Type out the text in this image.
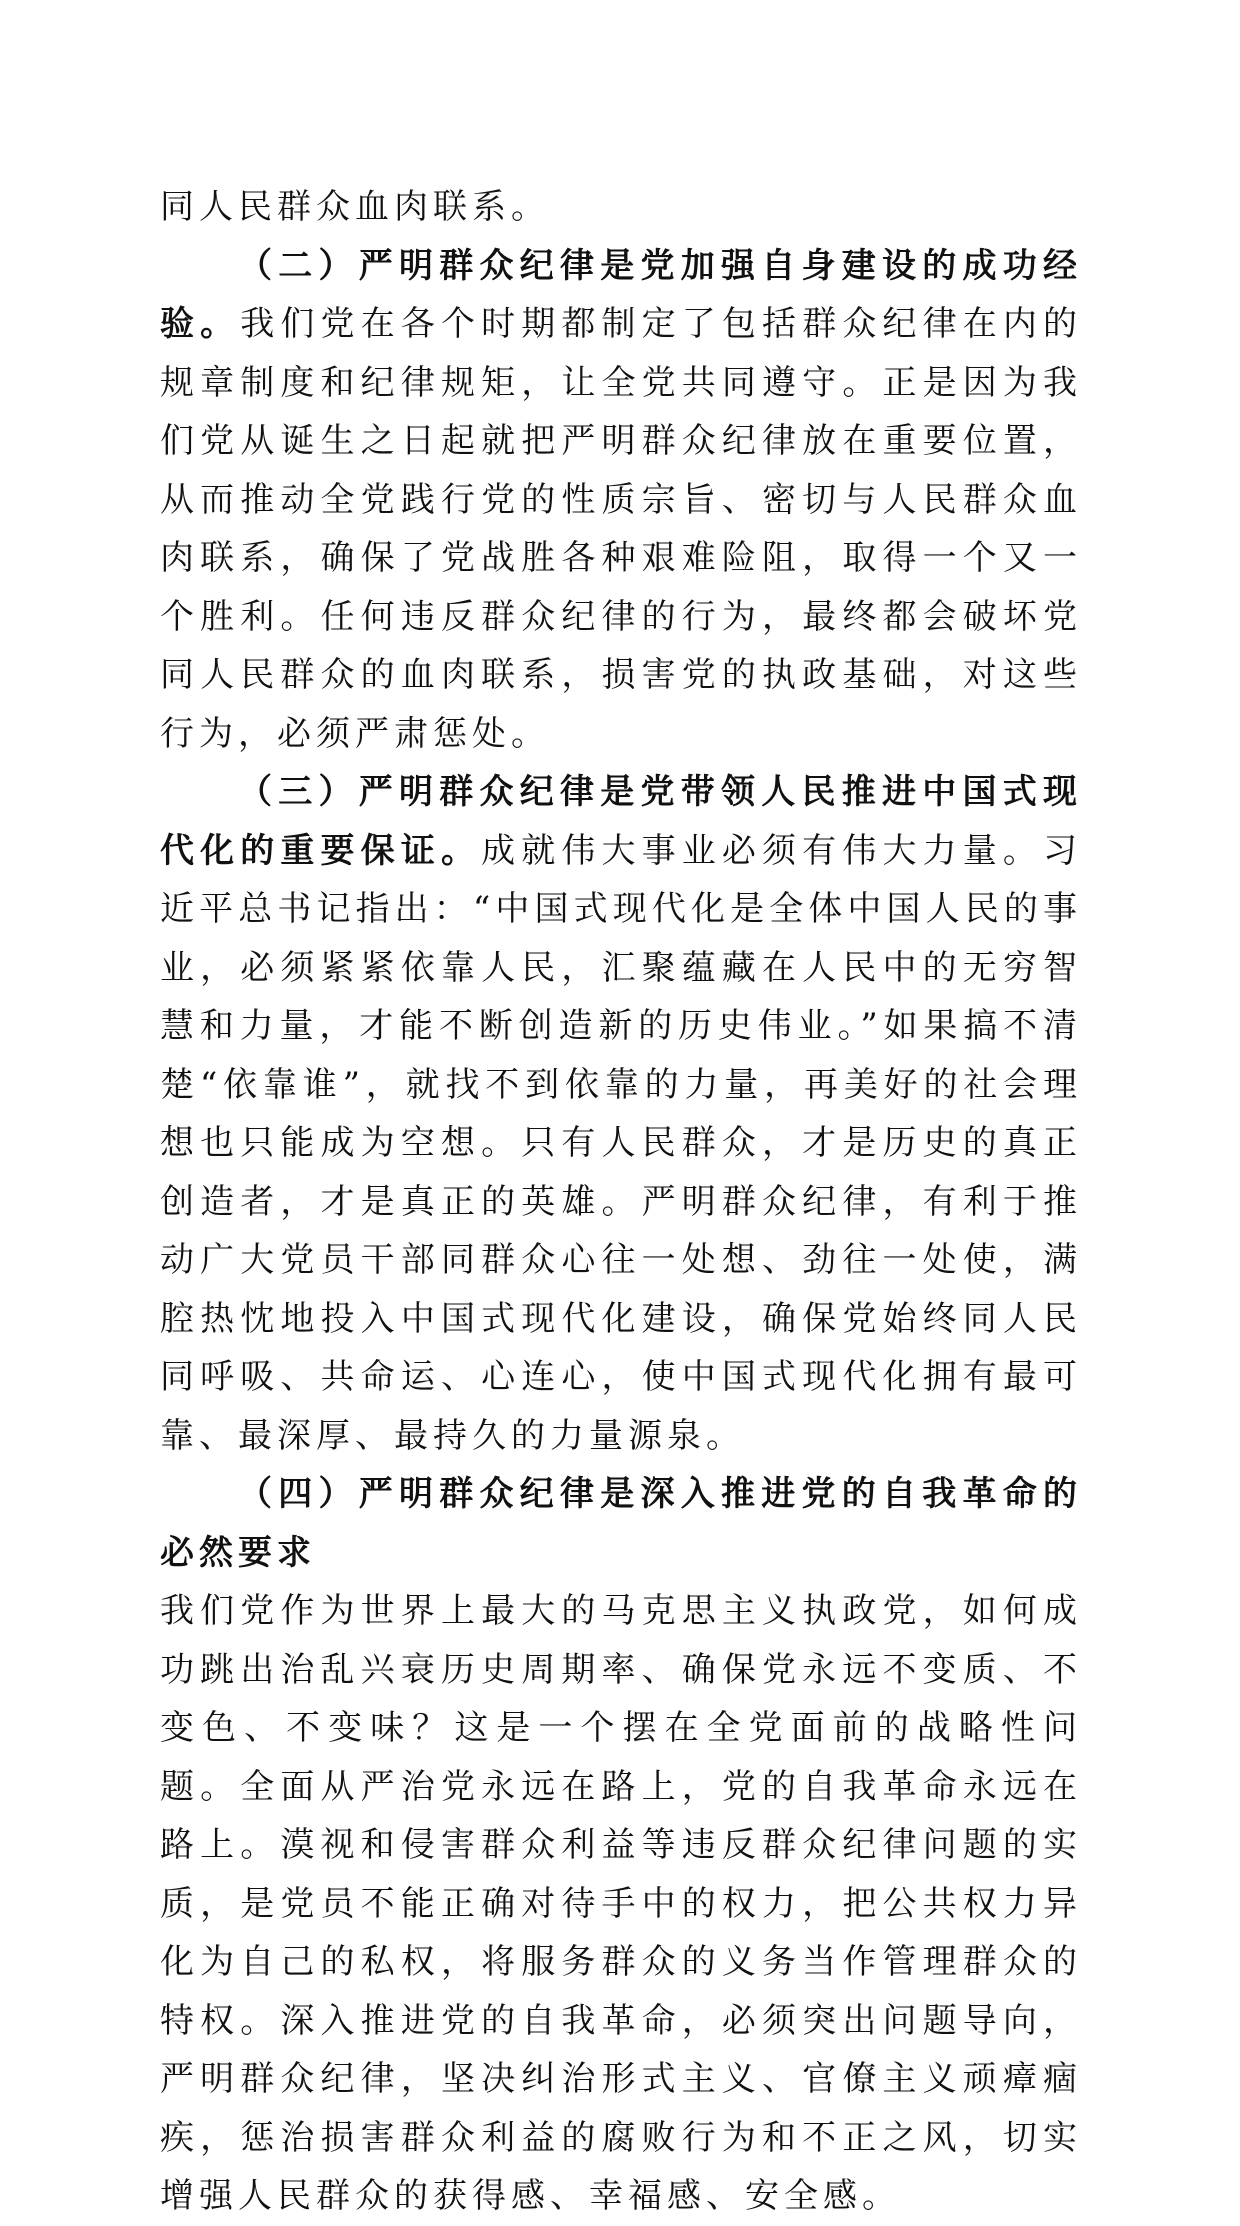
同人民群众血肉联系。

（二）严明群众纪律是党加强自身建设的成功经验。我们党在各个时期都制定了包括群众纪律在内的规章制度和纪律规矩，让全党共同遵守。正是因为我们党从诞生之日起就把严明群众纪律放在重要位置，从而推动全党践行党的性质宗旨、密切与人民群众血肉联系，确保了党战胜各种艰难险阻，取得一个又一个胜利。任何违反群众纪律的行为，最终都会破坏党同人民群众的血肉联系，损害党的执政基础，对这些行为，必须严肃惩处。

（三）严明群众纪律是党带领人民推进中国式现代化的重要保证。成就伟大事业必须有伟大力量。习近平总书记指出：“中国式现代化是全体中国人民的事业，必须紧紧依靠人民，汇聚蕴藏在人民中的无穷智慧和力量，才能不断创造新的历史伟业。”如果搞不清楚“依靠谁”，就找不到依靠的力量，再美好的社会理想也只能成为空想。只有人民群众，才是历史的真正创造者，才是真正的英雄。严明群众纪律，有利于推动广大党员干部同群众心往一处想、劲往一处使，满腔热忱地投入中国式现代化建设，确保党始终同人民同呼吸、共命运、心连心，使中国式现代化拥有最可靠、最深厚、最持久的力量源泉。

（四）严明群众纪律是深入推进党的自我革命的必然要求

我们党作为世界上最大的马克思主义执政党，如何成功跳出治乱兴衰历史周期率、确保党永远不变质、不变色、不变味？这是一个摆在全党面前的战略性问题。全面从严治党永远在路上，党的自我革命永远在路上。漠视和侵害群众利益等违反群众纪律问题的实质，是党员不能正确对待手中的权力，把公共权力异化为自己的私权，将服务群众的义务当作管理群众的特权。深入推进党的自我革命，必须突出问题导向，严明群众纪律，坚决纠治形式主义、官僚主义顽瘴痼疾，惩治损害群众利益的腐败行为和不正之风，切实增强人民群众的获得感、幸福感、安全感。
